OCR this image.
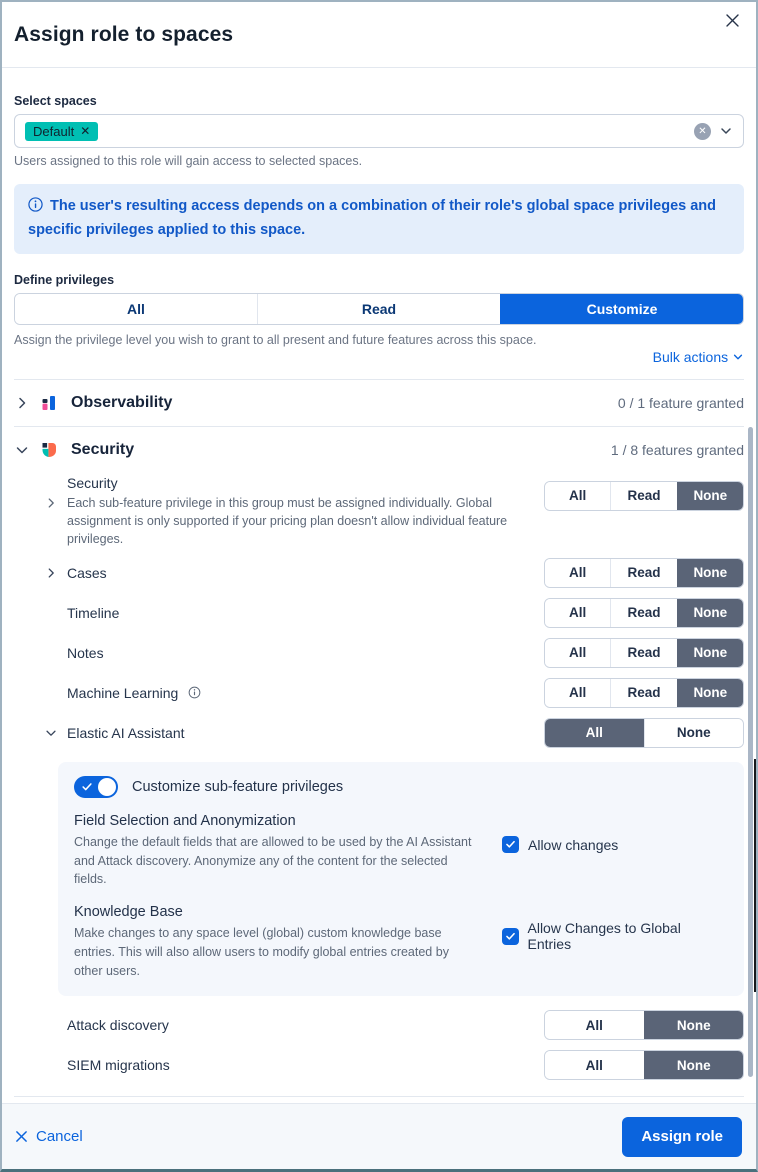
Assign role to spaces
Select spaces
Default ✕	✕
Users assigned to this role will gain access to selected spaces.
The user's resulting access depends on a combination of their role's global space privileges and specific privileges applied to this space.
Define privileges
All	Read	Customize
Assign the privilege level you wish to grant to all present and future features across this space.
Bulk actions
Observability	0 / 1 feature granted
Security	1 / 8 features granted
Security
Each sub-feature privilege in this group must be assigned individually. Global assignment is only supported if your pricing plan doesn't allow individual feature privileges.
All	Read	None
Cases	All	Read	None
Timeline	All	Read	None
Notes	All	Read	None
Machine Learning	All	Read	None
Elastic AI Assistant	All	None
Customize sub-feature privileges
Field Selection and Anonymization
Change the default fields that are allowed to be used by the AI Assistant and Attack discovery. Anonymize any of the content for the selected fields.
Allow changes
Knowledge Base
Make changes to any space level (global) custom knowledge base entries. This will also allow users to modify global entries created by other users.
Allow Changes to Global Entries
Attack discovery	All	None
SIEM migrations	All	None
Cancel	Assign role
